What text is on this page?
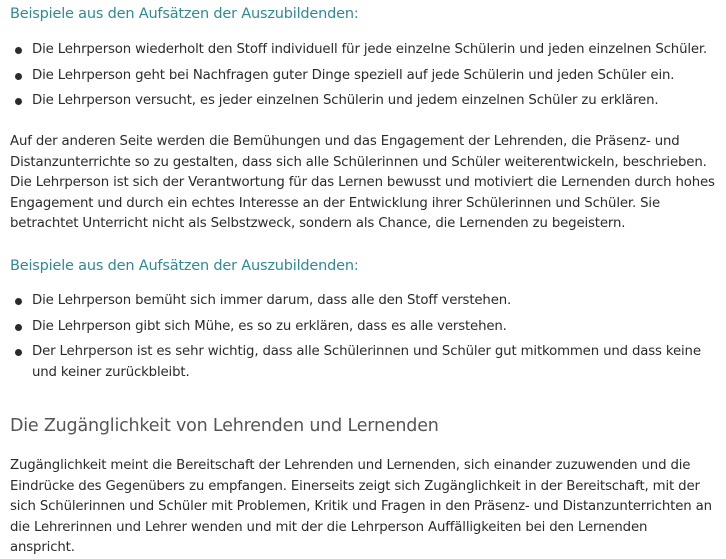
Beispiele aus den Aufsätzen der Auszubildenden:
Die Lehrperson wiederholt den Stoff individuell für jede einzelne Schülerin und jeden einzelnen Schüler.
Die Lehrperson geht bei Nachfragen guter Dinge speziell auf jede Schülerin und jeden Schüler ein.
Die Lehrperson versucht, es jeder einzelnen Schülerin und jedem einzelnen Schüler zu erklären.

Auf der anderen Seite werden die Bemühungen und das Engagement der Lehrenden, die Präsenz- und Distanzunterrichte so zu gestalten, dass sich alle Schülerinnen und Schüler weiterentwickeln, beschrieben. Die Lehrperson ist sich der Verantwortung für das Lernen bewusst und motiviert die Lernenden durch hohes Engagement und durch ein echtes Interesse an der Entwicklung ihrer Schülerinnen und Schüler. Sie betrachtet Unterricht nicht als Selbstzweck, sondern als Chance, die Lernenden zu begeistern.

Beispiele aus den Aufsätzen der Auszubildenden:
Die Lehrperson bemüht sich immer darum, dass alle den Stoff verstehen.
Die Lehrperson gibt sich Mühe, es so zu erklären, dass es alle verstehen.
Der Lehrperson ist es sehr wichtig, dass alle Schülerinnen und Schüler gut mitkommen und dass keine und keiner zurückbleibt.
Die Zugänglichkeit von Lehrenden und Lernenden

Zugänglichkeit meint die Bereitschaft der Lehrenden und Lernenden, sich einander zuzuwenden und die Eindrücke des Gegenübers zu empfangen. Einerseits zeigt sich Zugänglichkeit in der Bereitschaft, mit der sich Schülerinnen und Schüler mit Problemen, Kritik und Fragen in den Präsenz- und Distanzunterrichten an die Lehrerinnen und Lehrer wenden und mit der die Lehrperson Auffälligkeiten bei den Lernenden anspricht.
